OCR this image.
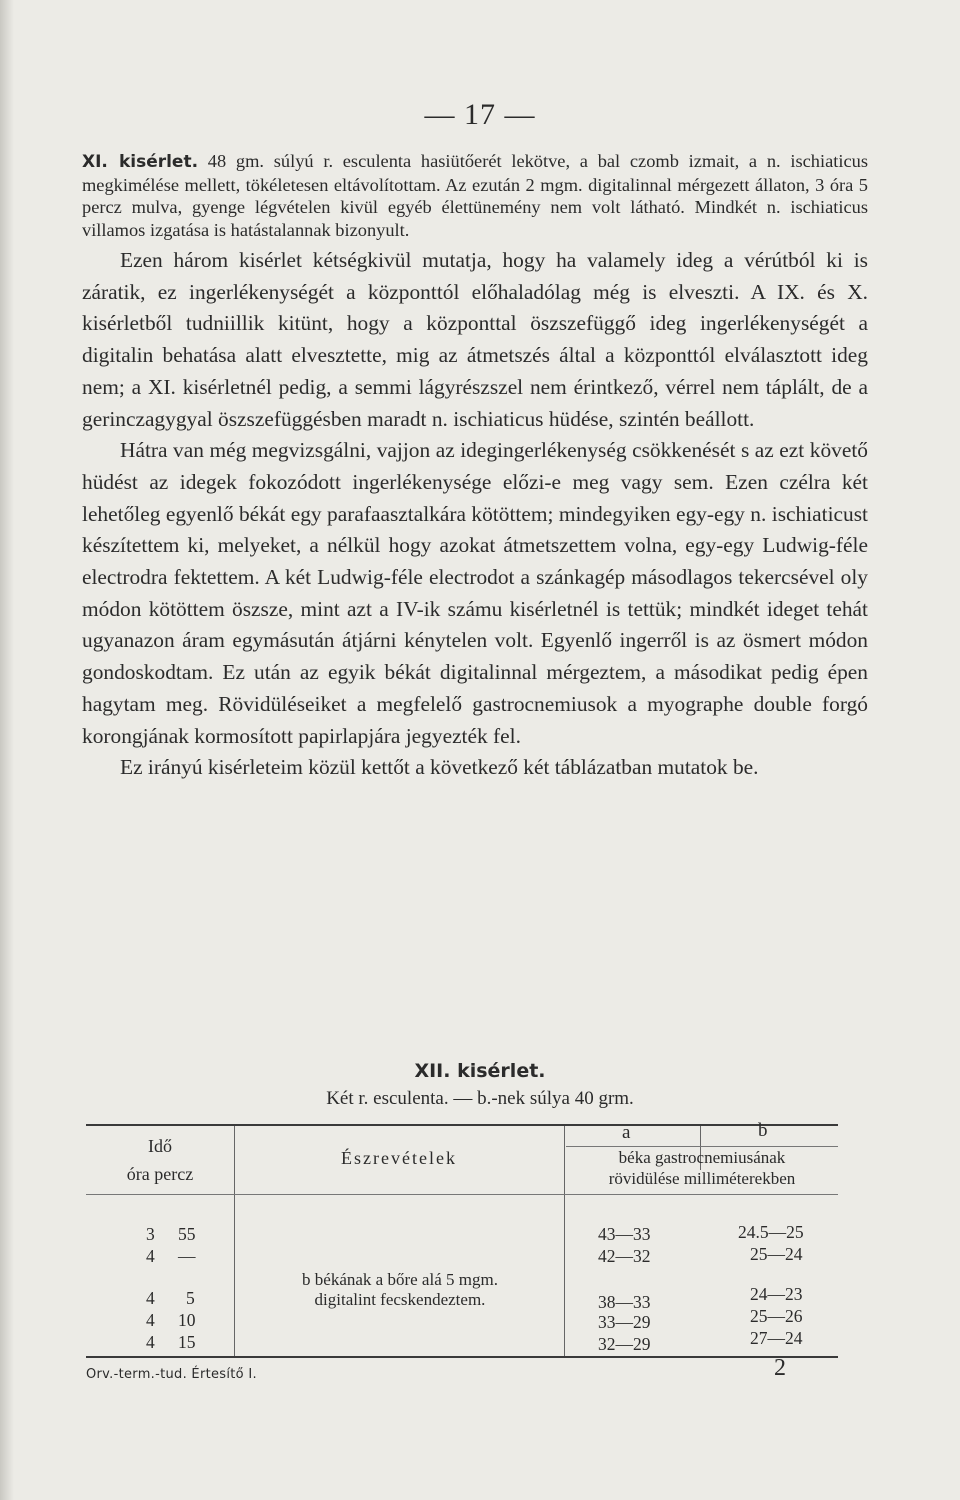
— 17 —

XI. kisérlet. 48 gm. súlyú r. esculenta hasiütőerét lekötve, a bal czomb izmait, a n. ischiaticus megkimélése mellett, tökéletesen eltávolítottam. Az ezután 2 mgm. digitalinnal mérgezett állaton, 3 óra 5 percz mulva, gyenge légvételen kivül egyéb élettünemény nem volt látható. Mindkét n. ischiaticus villamos izgatása is hatástalannak bizonyult.

Ezen három kisérlet kétségkivül mutatja, hogy ha valamely ideg a vérútból ki is záratik, ez ingerlékenységét a központtól előhaladólag még is elveszti. A IX. és X. kisérletből tudniillik kitünt, hogy a központtal öszszefüggő ideg ingerlékenységét a digitalin behatása alatt elvesztette, mig az átmetszés által a központtól elválasztott ideg nem; a XI. kisérletnél pedig, a semmi lágyrészszel nem érintkező, vérrel nem táplált, de a gerinczagygyal öszszefüggésben maradt n. ischiaticus hüdése, szintén beállott.

Hátra van még megvizsgálni, vajjon az idegingerlékenység csökkenését s az ezt követő hüdést az idegek fokozódott ingerlékenysége előzi-e meg vagy sem. Ezen czélra két lehetőleg egyenlő békát egy parafaasztalkára kötöttem; mindegyiken egy-egy n. ischiaticust készítettem ki, melyeket, a nélkül hogy azokat átmetszettem volna, egy-egy Ludwig-féle electrodra fektettem. A két Ludwig-féle electrodot a szánkagép másodlagos tekercsével oly módon kötöttem öszsze, mint azt a IV-ik számu kisérletnél is tettük; mindkét ideget tehát ugyanazon áram egymásután átjárni kénytelen volt. Egyenlő ingerről is az ösmert módon gondoskodtam. Ez után az egyik békát digitalinnal mérgeztem, a másodikat pedig épen hagytam meg. Rövidüléseiket a megfelelő gastrocnemiusok a myographe double forgó korongjának kormosított papirlapjára jegyezték fel.

Ez irányú kisérleteim közül kettőt a következő két táblázatban mutatok be.

XII. kisérlet.
Két r. esculenta. — b.-nek súlya 40 grm.
Idő
óra percz
Észrevételek
a	b
béka gastrocnemiusának
rövidülése milliméterekben
b békának a bőre alá 5 mgm.
digitalint fecskendeztem.
3 55	43—33	24.5—25
4 —	42—32	25—24
4 5	38—33	24—23
4 10	33—29	25—26
4 15	32—29	27—24
Orv.-term.-tud. Értesítő I.	2
